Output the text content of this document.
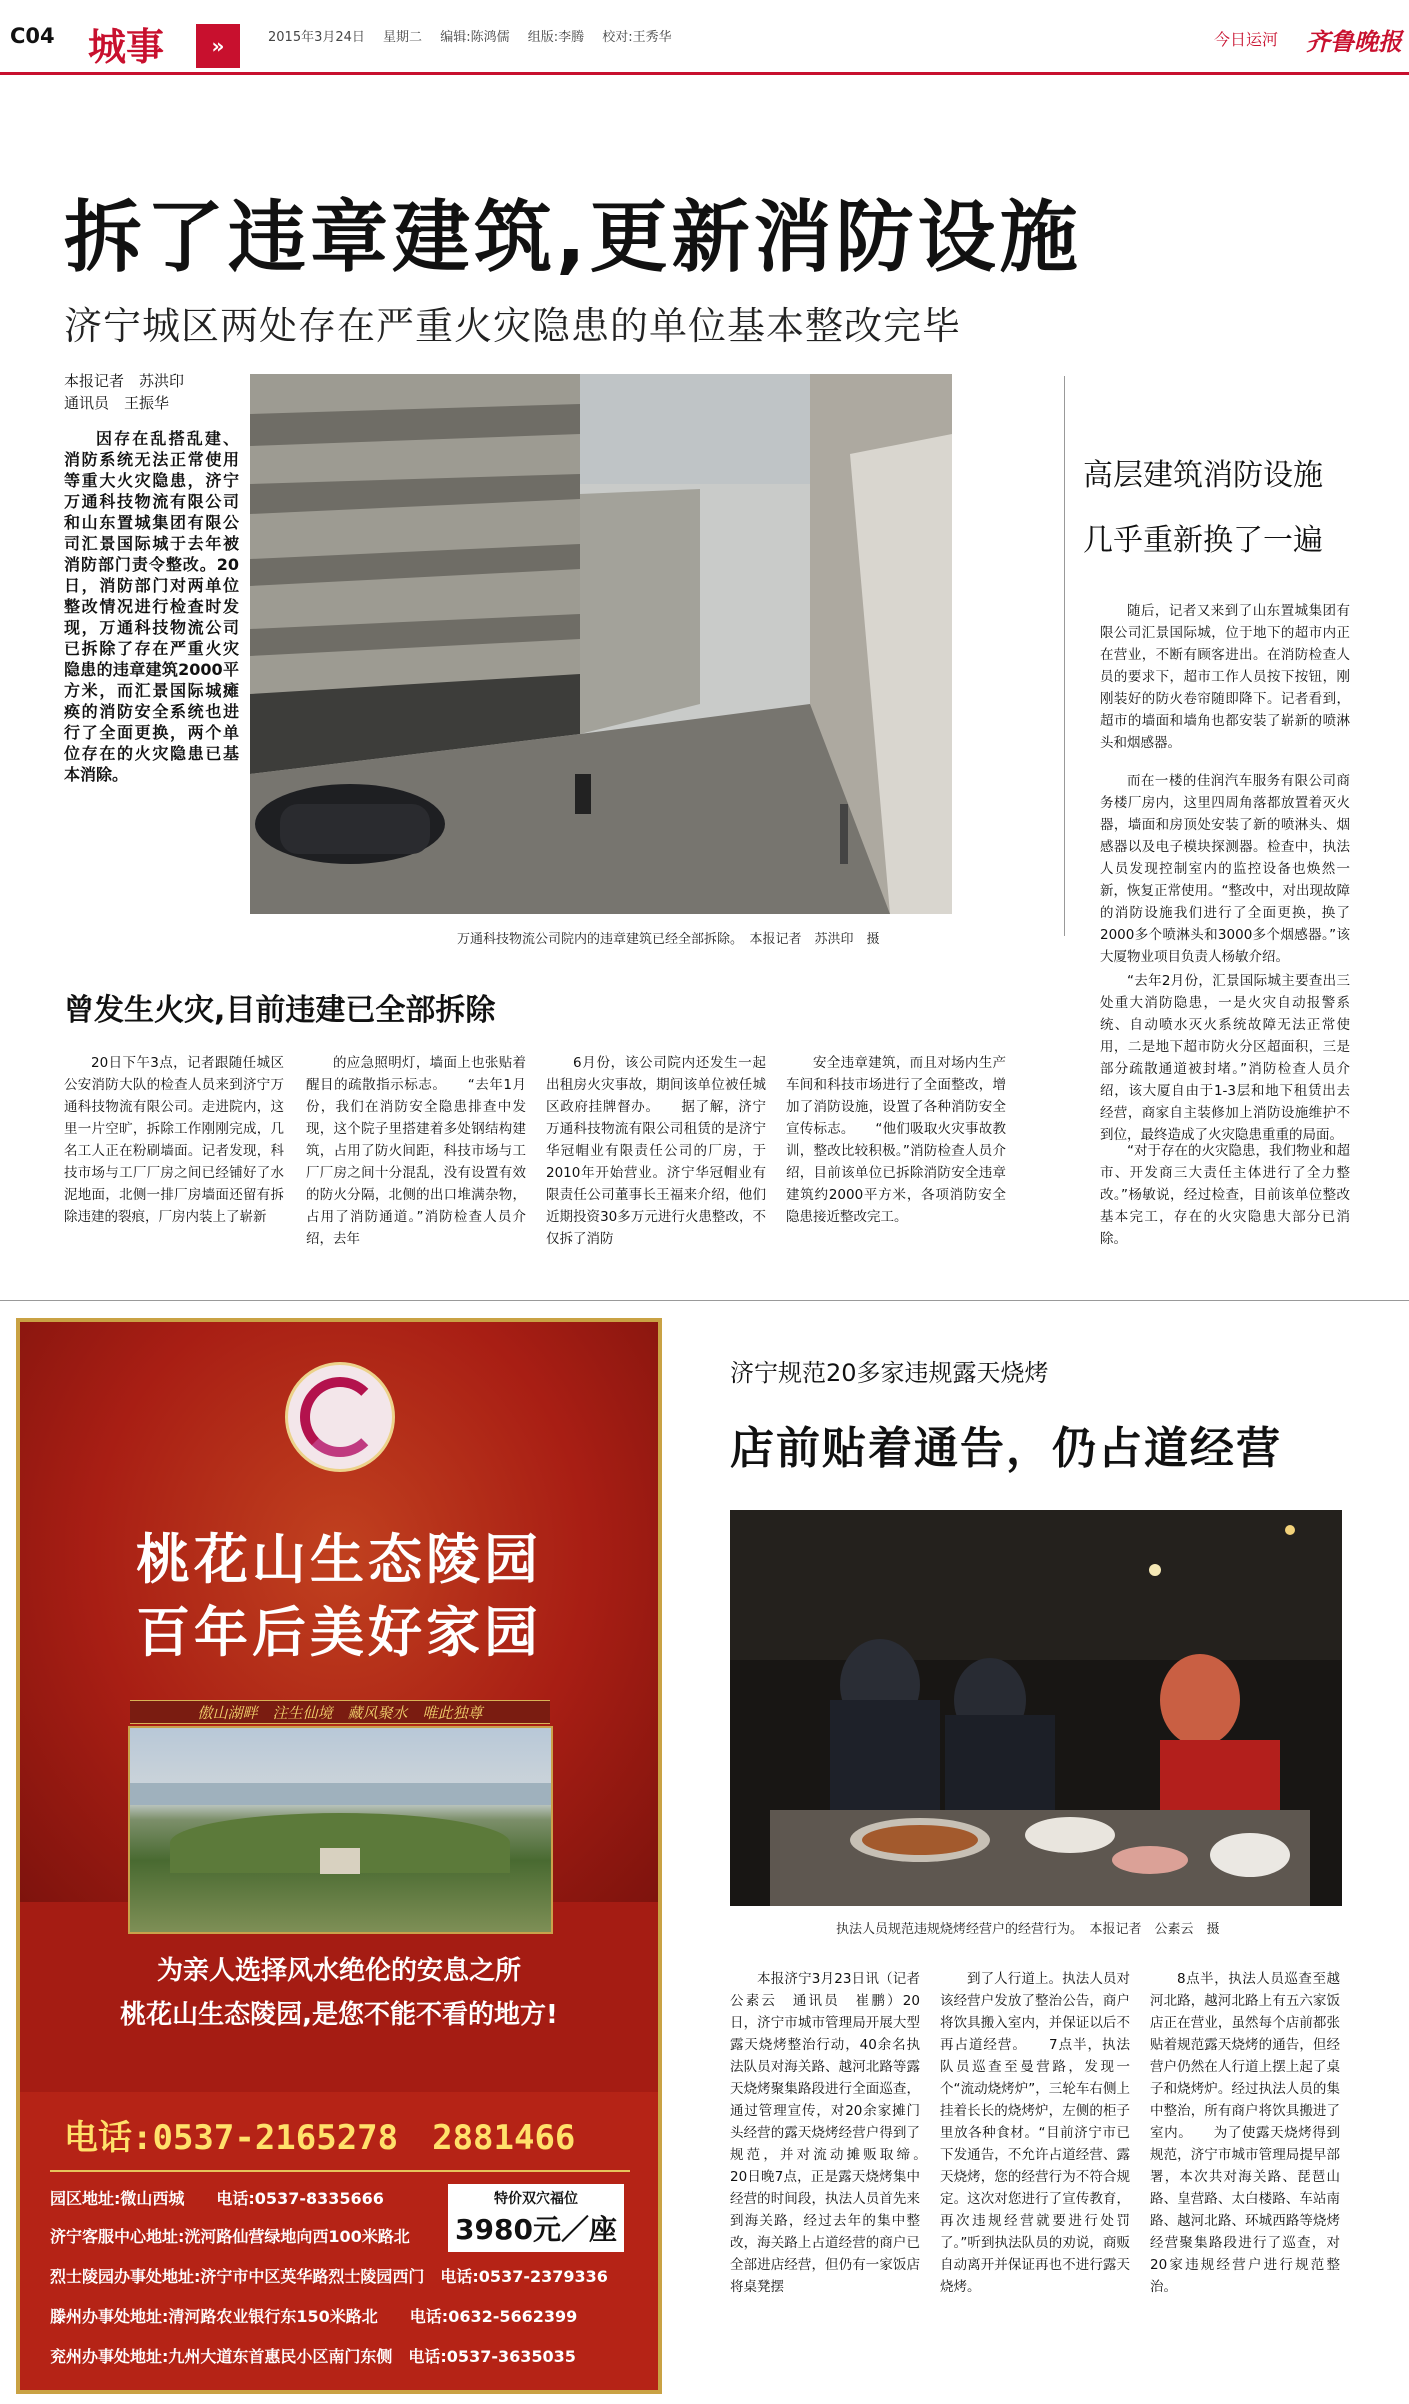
C04 城事	»	2015年3月24日 星期二 编辑:陈鸿儒 组版:李腾 校对:王秀华	今日运河 齐鲁晚报
拆了违章建筑,更新消防设施
济宁城区两处存在严重火灾隐患的单位基本整改完毕
本报记者　苏洪印
通讯员　王振华
因存在乱搭乱建、消防系统无法正常使用等重大火灾隐患，济宁万通科技物流有限公司和山东置城集团有限公司汇景国际城于去年被消防部门责令整改。20日，消防部门对两单位整改情况进行检查时发现，万通科技物流公司已拆除了存在严重火灾隐患的违章建筑2000平方米，而汇景国际城瘫痪的消防安全系统也进行了全面更换，两个单位存在的火灾隐患已基本消除。
万通科技物流公司院内的违章建筑已经全部拆除。　本报记者　苏洪印　摄
高层建筑消防设施
几乎重新换了一遍
随后，记者又来到了山东置城集团有限公司汇景国际城，位于地下的超市内正在营业，不断有顾客进出。在消防检查人员的要求下，超市工作人员按下按钮，刚刚装好的防火卷帘随即降下。记者看到，超市的墙面和墙角也都安装了崭新的喷淋头和烟感器。
而在一楼的佳润汽车服务有限公司商务楼厂房内，这里四周角落都放置着灭火器，墙面和房顶处安装了新的喷淋头、烟感器以及电子模块探测器。检查中，执法人员发现控制室内的监控设备也焕然一新，恢复正常使用。“整改中，对出现故障的消防设施我们进行了全面更换，换了2000多个喷淋头和3000多个烟感器。”该大厦物业项目负责人杨敏介绍。
“去年2月份，汇景国际城主要查出三处重大消防隐患，一是火灾自动报警系统、自动喷水灭火系统故障无法正常使用，二是地下超市防火分区超面积，三是部分疏散通道被封堵。”消防检查人员介绍，该大厦自由于1-3层和地下租赁出去经营，商家自主装修加上消防设施维护不到位，最终造成了火灾隐患重重的局面。
“对于存在的火灾隐患，我们物业和超市、开发商三大责任主体进行了全力整改。”杨敏说，经过检查，目前该单位整改基本完工，存在的火灾隐患大部分已消除。
曾发生火灾,目前违建已全部拆除
20日下午3点，记者跟随任城区公安消防大队的检查人员来到济宁万通科技物流有限公司。走进院内，这里一片空旷，拆除工作刚刚完成，几名工人正在粉刷墙面。记者发现，科技市场与工厂厂房之间已经铺好了水泥地面，北侧一排厂房墙面还留有拆除违建的裂痕，厂房内装上了崭新
的应急照明灯，墙面上也张贴着醒目的疏散指示标志。　　“去年1月份，我们在消防安全隐患排查中发现，这个院子里搭建着多处钢结构建筑，占用了防火间距，科技市场与工厂厂房之间十分混乱，没有设置有效的防火分隔，北侧的出口堆满杂物，占用了消防通道。”消防检查人员介绍，去年
6月份，该公司院内还发生一起出租房火灾事故，期间该单位被任城区政府挂牌督办。　　据了解，济宁万通科技物流有限公司租赁的是济宁华冠帽业有限责任公司的厂房，于2010年开始营业。济宁华冠帽业有限责任公司董事长王福来介绍，他们近期投资30多万元进行火患整改，不仅拆了消防
安全违章建筑，而且对场内生产车间和科技市场进行了全面整改，增加了消防设施，设置了各种消防安全宣传标志。　　“他们吸取火灾事故教训，整改比较积极。”消防检查人员介绍，目前该单位已拆除消防安全违章建筑约2000平方米，各项消防安全隐患接近整改完工。
桃花山生态陵园
百年后美好家园
傲山湖畔　注生仙境　藏风聚水　唯此独尊
为亲人选择风水绝伦的安息之所
桃花山生态陵园,是您不能不看的地方!
电话:0537-2165278　2881466
园区地址:微山西城　　电话:0537-8335666
济宁客服中心地址:洸河路仙营绿地向西100米路北
烈士陵园办事处地址:济宁市中区英华路烈士陵园西门　电话:0537-2379336
滕州办事处地址:清河路农业银行东150米路北　　电话:0632-5662399
兖州办事处地址:九州大道东首惠民小区南门东侧　电话:0537-3635035
特价双穴福位
3980元／座
济宁规范20多家违规露天烧烤
店前贴着通告，仍占道经营
执法人员规范违规烧烤经营户的经营行为。　本报记者　公素云　摄
本报济宁3月23日讯（记者　公素云　通讯员　崔鹏）20日，济宁市城市管理局开展大型露天烧烤整治行动，40余名执法队员对海关路、越河北路等露天烧烤聚集路段进行全面巡查，通过管理宣传，对20余家摊门头经营的露天烧烤经营户得到了规范，并对流动摊贩取缔。　　20日晚7点，正是露天烧烤集中经营的时间段，执法人员首先来到海关路，经过去年的集中整改，海关路上占道经营的商户已全部进店经营，但仍有一家饭店将桌凳摆
到了人行道上。执法人员对该经营户发放了整治公告，商户将饮具搬入室内，并保证以后不再占道经营。　　7点半，执法队员巡查至曼营路，发现一个“流动烧烤炉”，三轮车右侧上挂着长长的烧烤炉，左侧的柜子里放各种食材。“目前济宁市已下发通告，不允许占道经营、露天烧烤，您的经营行为不符合规定。这次对您进行了宣传教育，再次违规经营就要进行处罚了。”听到执法队员的劝说，商贩自动离开并保证再也不进行露天烧烤。
8点半，执法人员巡查至越河北路，越河北路上有五六家饭店正在营业，虽然每个店前都张贴着规范露天烧烤的通告，但经营户仍然在人行道上摆上起了桌子和烧烤炉。经过执法人员的集中整治，所有商户将饮具搬进了室内。　　为了使露天烧烤得到规范，济宁市城市管理局提早部署，本次共对海关路、琵琶山路、皇营路、太白楼路、车站南路、越河北路、环城西路等烧烤经营聚集路段进行了巡查，对20家违规经营户进行规范整治。
